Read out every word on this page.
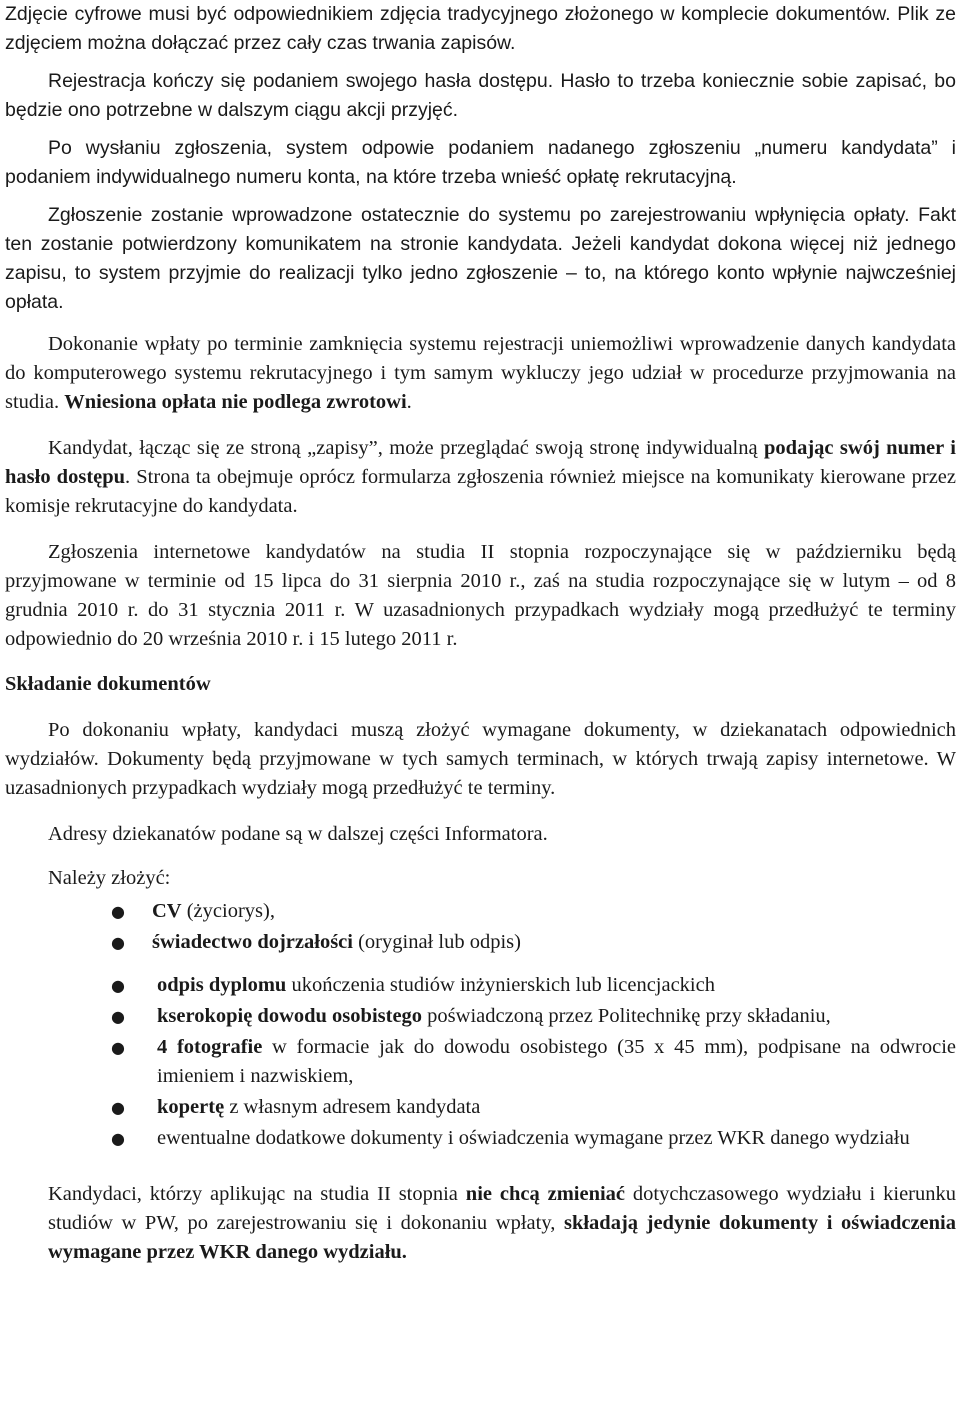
Zdjęcie cyfrowe musi być odpowiednikiem zdjęcia tradycyjnego złożonego w komplecie dokumentów. Plik ze zdjęciem można dołączać przez cały czas trwania zapisów.

Rejestracja kończy się podaniem swojego hasła dostępu. Hasło to trzeba koniecznie sobie zapisać, bo będzie ono potrzebne w dalszym ciągu akcji przyjęć.

Po wysłaniu zgłoszenia, system odpowie podaniem nadanego zgłoszeniu „numeru kandydata” i podaniem indywidualnego numeru konta, na które trzeba wnieść opłatę rekrutacyjną.

Zgłoszenie zostanie wprowadzone ostatecznie do systemu po zarejestrowaniu wpłynięcia opłaty. Fakt ten zostanie potwierdzony komunikatem na stronie kandydata. Jeżeli kandydat dokona więcej niż jednego zapisu, to system przyjmie do realizacji tylko jedno zgłoszenie – to, na którego konto wpłynie najwcześniej opłata.

Dokonanie wpłaty po terminie zamknięcia systemu rejestracji uniemożliwi wprowadzenie danych kandydata do komputerowego systemu rekrutacyjnego i tym samym wykluczy jego udział w procedurze przyjmowania na studia. Wniesiona opłata nie podlega zwrotowi.

Kandydat, łącząc się ze stroną „zapisy”, może przeglądać swoją stronę indywidualną podając swój numer i hasło dostępu. Strona ta obejmuje oprócz formularza zgłoszenia również miejsce na komunikaty kierowane przez komisje rekrutacyjne do kandydata.

Zgłoszenia internetowe kandydatów na studia II stopnia rozpoczynające się w październiku będą przyjmowane w terminie od 15 lipca do 31 sierpnia 2010 r., zaś na studia rozpoczynające się w lutym – od 8 grudnia 2010 r. do 31 stycznia 2011 r. W uzasadnionych przypadkach wydziały mogą przedłużyć te terminy odpowiednio do 20 września 2010 r. i 15 lutego 2011 r.

Składanie dokumentów

Po dokonaniu wpłaty, kandydaci muszą złożyć wymagane dokumenty, w dziekanatach odpowiednich wydziałów. Dokumenty będą przyjmowane w tych samych terminach, w których trwają zapisy internetowe. W uzasadnionych przypadkach wydziały mogą przedłużyć te terminy.

Adresy dziekanatów podane są w dalszej części Informatora.

Należy złożyć:

● CV (życiorys),
● świadectwo dojrzałości (oryginał lub odpis)
● odpis dyplomu ukończenia studiów inżynierskich lub licencjackich
● kserokopię dowodu osobistego poświadczoną przez Politechnikę przy składaniu,
● 4 fotografie w formacie jak do dowodu osobistego (35 x 45 mm), podpisane na odwrocie imieniem i nazwiskiem,
● kopertę z własnym adresem kandydata
● ewentualne dodatkowe dokumenty i oświadczenia wymagane przez WKR danego wydziału

Kandydaci, którzy aplikując na studia II stopnia nie chcą zmieniać dotychczasowego wydziału i kierunku studiów w PW, po zarejestrowaniu się i dokonaniu wpłaty, składają jedynie dokumenty i oświadczenia wymagane przez WKR danego wydziału.
